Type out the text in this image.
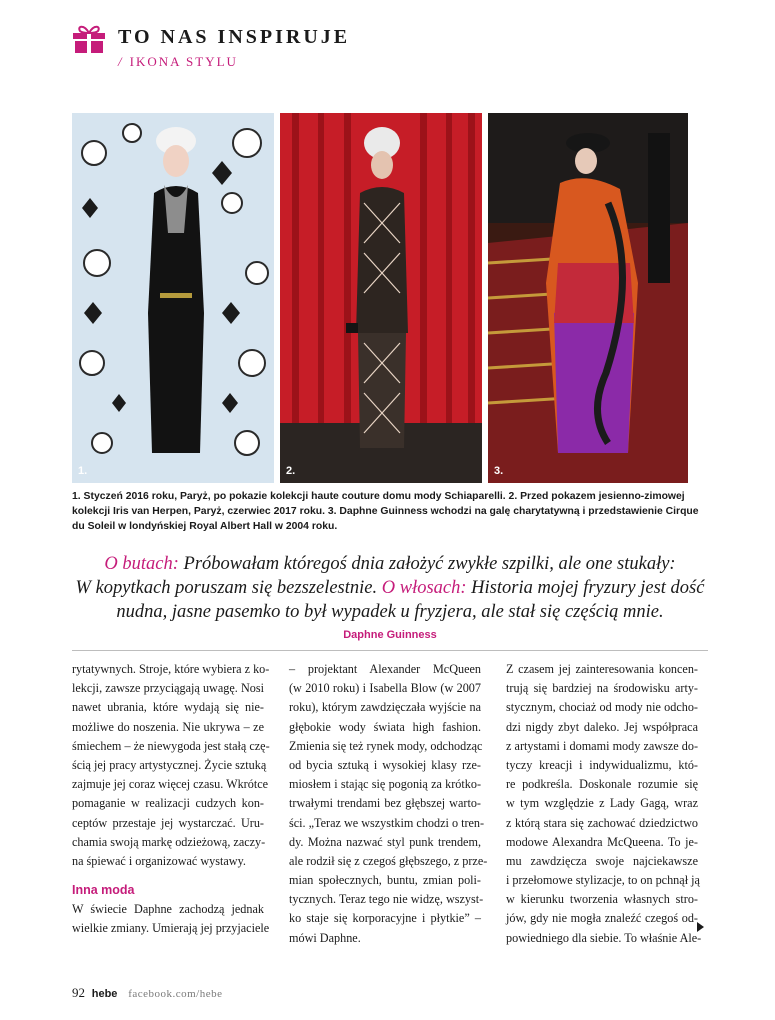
TO NAS INSPIRUJE
/ IKONA STYLU
1.	2.	3.
1. Styczeń 2016 roku, Paryż, po pokazie kolekcji haute couture domu mody Schiaparelli. 2. Przed pokazem jesienno-zimowej kolekcji Iris van Herpen, Paryż, czerwiec 2017 roku. 3. Daphne Guinness wchodzi na galę charytatywną i przedstawienie Cirque du Soleil w londyńskiej Royal Albert Hall w 2004 roku.
O butach: Próbowałam któregoś dnia założyć zwykłe szpilki, ale one stukały:
W kopytkach poruszam się bezszelestnie. O włosach: Historia mojej fryzury jest dość
nudna, jasne pasemko to był wypadek u fryzjera, ale stał się częścią mnie.
Daphne Guinness
rytatywnych. Stroje, które wybiera z ko-
lekcji, zawsze przyciągają uwagę. Nosi
nawet ubrania, które wydają się nie-
możliwe do noszenia. Nie ukrywa – ze
śmiechem – że niewygoda jest stałą czę-
ścią jej pracy artystycznej. Życie sztuką
zajmuje jej coraz więcej czasu. Wkrótce
pomaganie w realizacji cudzych kon-
ceptów przestaje jej wystarczać. Uru-
chamia swoją markę odzieżową, zaczy-
na śpiewać i organizować wystawy.
Inna moda
W świecie Daphne zachodzą jednak
wielkie zmiany. Umierają jej przyjaciele
– projektant Alexander McQueen
(w 2010 roku) i Isabella Blow (w 2007
roku), którym zawdzięczała wyjście na
głębokie wody świata high fashion.
Zmienia się też rynek mody, odchodząc
od bycia sztuką i wysokiej klasy rze-
miosłem i stając się pogonią za krótko-
trwałymi trendami bez głębszej warto-
ści. „Teraz we wszystkim chodzi o tren-
dy. Można nazwać styl punk trendem,
ale rodził się z czegoś głębszego, z prze-
mian społecznych, buntu, zmian poli-
tycznych. Teraz tego nie widzę, wszyst-
ko staje się korporacyjne i płytkie” –
mówi Daphne.
Z czasem jej zainteresowania koncen-
trują się bardziej na środowisku arty-
stycznym, chociaż od mody nie odcho-
dzi nigdy zbyt daleko. Jej współpraca
z artystami i domami mody zawsze do-
tyczy kreacji i indywidualizmu, któ-
re podkreśla. Doskonale rozumie się
w tym względzie z Lady Gagą, wraz
z którą stara się zachować dziedzictwo
modowe Alexandra McQueena. To je-
mu zawdzięcza swoje najciekawsze
i przełomowe stylizacje, to on pchnął ją
w kierunku tworzenia własnych stro-
jów, gdy nie mogła znaleźć czegoś od-
powiedniego dla siebie. To właśnie Ale-
92 hebe facebook.com/hebe
